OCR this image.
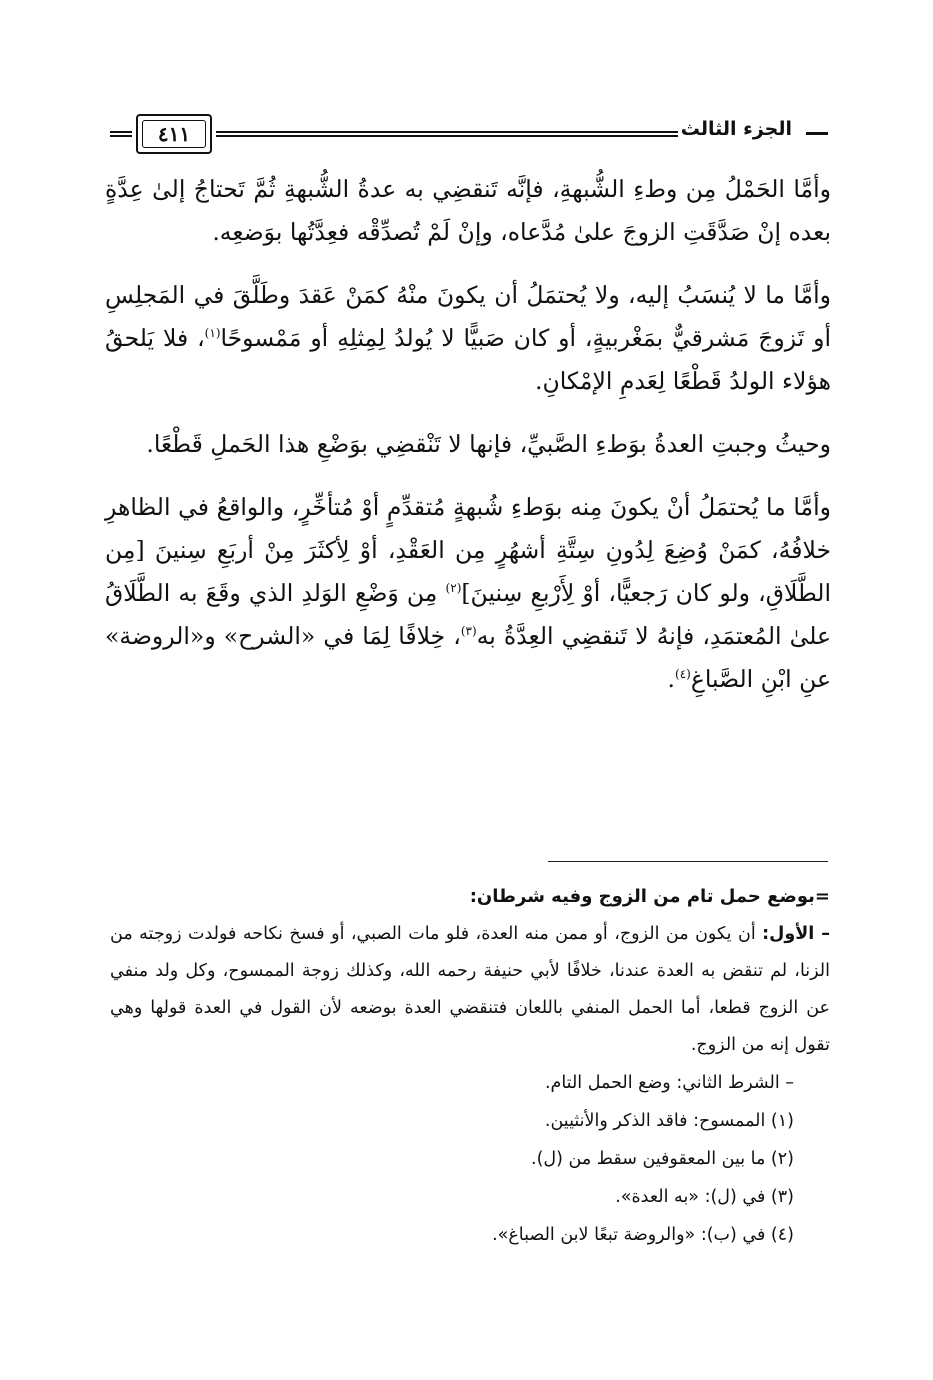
الجزء الثالث
٤١١

وأمَّا الحَمْلُ مِن وطءِ الشُّبهةِ، فإنَّه تَنقضِي به عدةُ الشُّبهةِ ثُمَّ تَحتاجُ إلىٰ عِدَّةٍ بعده إنْ صَدَّقَتِ الزوجَ علىٰ مُدَّعاه، وإنْ لَمْ تُصدِّقْه فعِدَّتُها بوَضعِه.

وأمَّا ما لا يُنسَبُ إليه، ولا يُحتمَلُ أن يكونَ منْهُ كمَنْ عَقدَ وطَلَّقَ في المَجلِسِ أو تَزوجَ مَشرقيٌّ بمَغْربيةٍ، أو كان صَبيًّا لا يُولدُ لِمِثلِهِ أو مَمْسوحًا$^{(١)}$، فلا يَلحقُ هؤلاء الولدُ قَطْعًا لِعَدمِ الإمْكانِ.

وحيثُ وجبتِ العدةُ بوَطءِ الصَّبيِّ، فإنها لا تَنْقضِي بوَضْعِ هذا الحَملِ قَطْعًا.

وأمَّا ما يُحتمَلُ أنْ يكونَ مِنه بوَطءِ شُبهةٍ مُتقدِّمٍ أوْ مُتأخِّرٍ، والواقعُ في الظاهرِ خلافُهُ، كمَنْ وُضِعَ لِدُونِ سِتَّةِ أشهُرٍ مِن العَقْدِ، أوْ لِأكثَرَ مِنْ أربَعِ سِنينَ [مِن الطَّلَاقِ، ولو كان رَجعيًّا، أوْ لِأَرْبعِ سِنينَ]$^{(٢)}$ مِن وَضْعِ الوَلدِ الذي وقَعَ به الطَّلَاقُ علىٰ المُعتمَدِ، فإنهُ لا تَنقضِي العِدَّةُ به$^{(٣)}$، خِلافًا لِمَا في «الشرح» و«الروضة» عنِ ابْنِ الصَّباغِ$^{(٤)}$.

=بوضع حمل تام من الزوج وفيه شرطان:

– الأول: أن يكون من الزوج، أو ممن منه العدة، فلو مات الصبي، أو فسخ نكاحه فولدت زوجته من الزنا، لم تنقض به العدة عندنا، خلافًا لأبي حنيفة رحمه الله، وكذلك زوجة الممسوح، وكل ولد منفي عن الزوج قطعا، أما الحمل المنفي باللعان فتنقضي العدة بوضعه لأن القول في العدة قولها وهي تقول إنه من الزوج.

– الشرط الثاني: وضع الحمل التام.

(١) الممسوح: فاقد الذكر والأنثيين.

(٢) ما بين المعقوفين سقط من (ل).

(٣) في (ل): «به العدة».

(٤) في (ب): «والروضة تبعًا لابن الصباغ».
